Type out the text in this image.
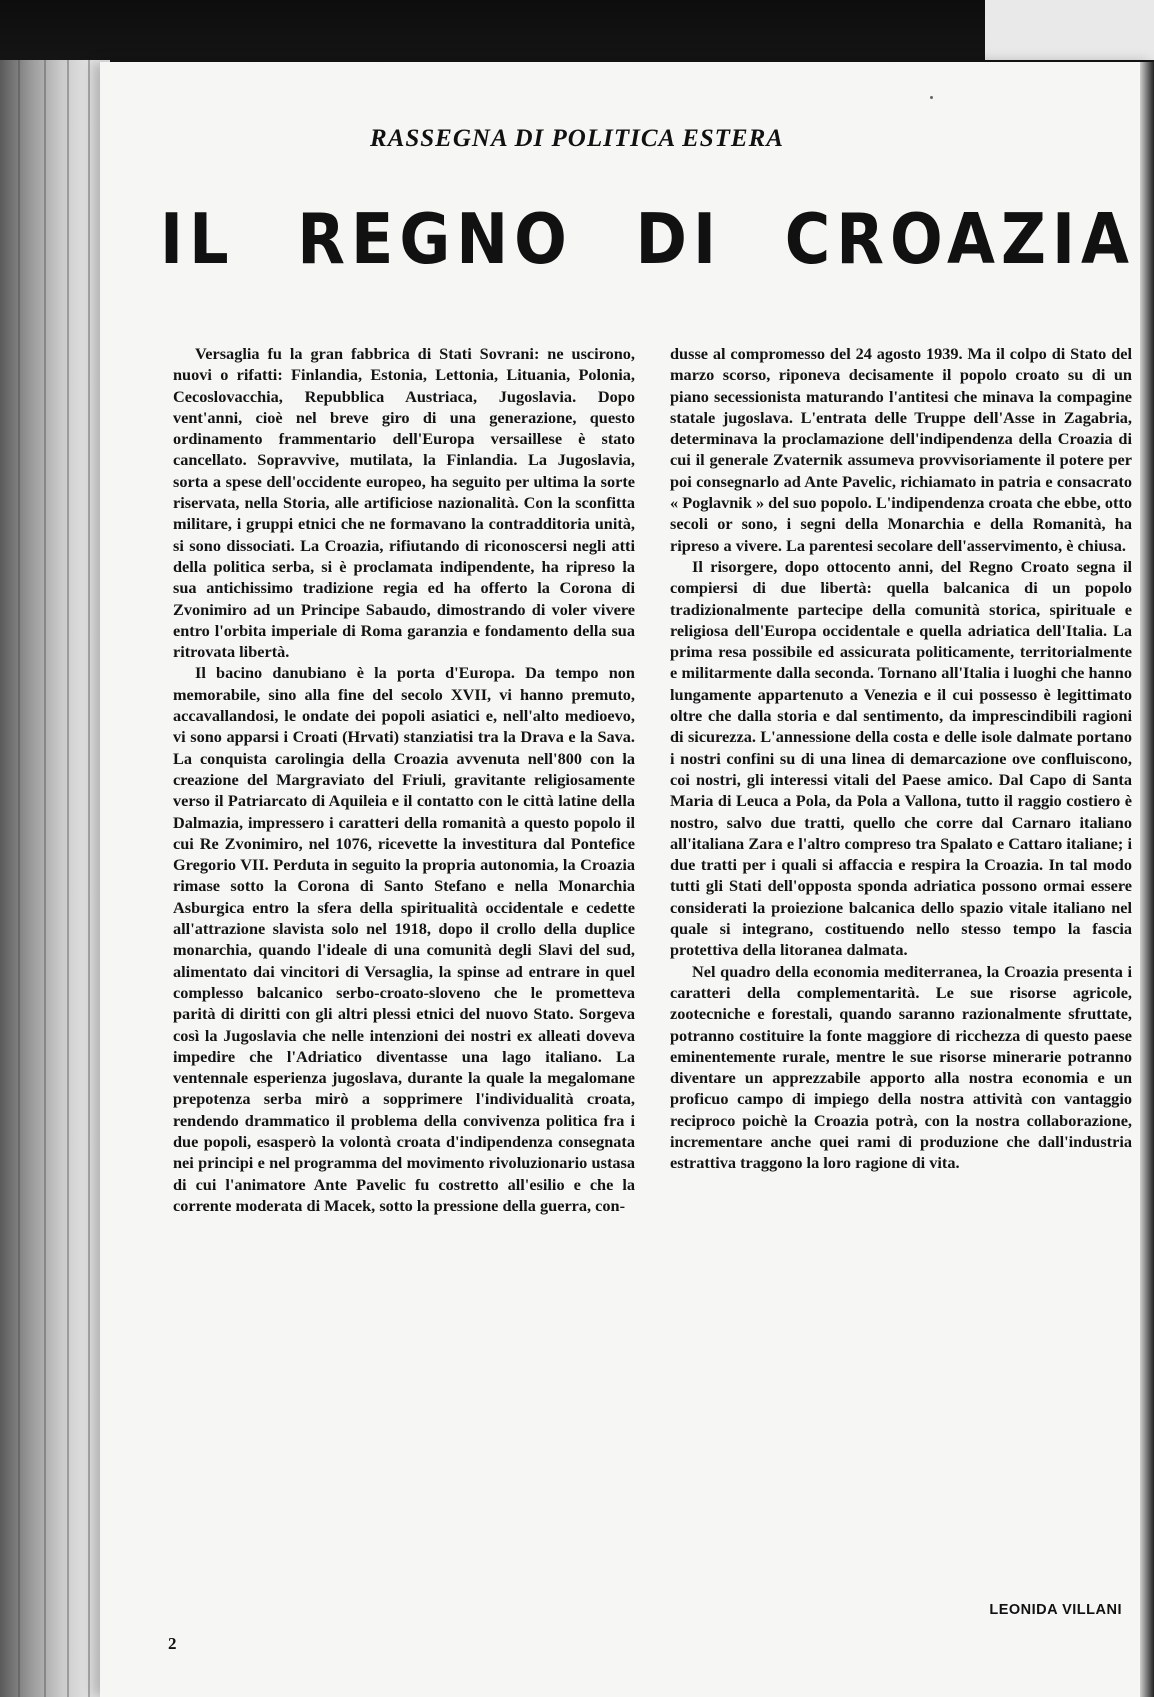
RASSEGNA DI POLITICA ESTERA
IL REGNO DI CROAZIA

Versaglia fu la gran fabbrica di Stati Sovrani: ne uscirono, nuovi o rifatti: Finlandia, Estonia, Lettonia, Lituania, Polonia, Cecoslovacchia, Repubblica Austriaca, Jugoslavia. Dopo vent'anni, cioè nel breve giro di una generazione, questo ordinamento frammentario dell'Europa versaillese è stato cancellato. Sopravvive, mutilata, la Finlandia. La Jugoslavia, sorta a spese dell'occidente europeo, ha seguito per ultima la sorte riservata, nella Storia, alle artificiose nazionalità. Con la sconfitta militare, i gruppi etnici che ne formavano la contradditoria unità, si sono dissociati. La Croazia, rifiutando di riconoscersi negli atti della politica serba, si è proclamata indipendente, ha ripreso la sua antichissimo tradizione regia ed ha offerto la Corona di Zvonimiro ad un Principe Sabaudo, dimostrando di voler vivere entro l'orbita imperiale di Roma garanzia e fondamento della sua ritrovata libertà.

Il bacino danubiano è la porta d'Europa. Da tempo non memorabile, sino alla fine del secolo XVII, vi hanno premuto, accavallandosi, le ondate dei popoli asiatici e, nell'alto medioevo, vi sono apparsi i Croati (Hrvati) stanziatisi tra la Drava e la Sava. La conquista carolingia della Croazia avvenuta nell'800 con la creazione del Margraviato del Friuli, gravitante religiosamente verso il Patriarcato di Aquileia e il contatto con le città latine della Dalmazia, impressero i caratteri della romanità a questo popolo il cui Re Zvonimiro, nel 1076, ricevette la investitura dal Pontefice Gregorio VII. Perduta in seguito la propria autonomia, la Croazia rimase sotto la Corona di Santo Stefano e nella Monarchia Asburgica entro la sfera della spiritualità occidentale e cedette all'attrazione slavista solo nel 1918, dopo il crollo della duplice monarchia, quando l'ideale di una comunità degli Slavi del sud, alimentato dai vincitori di Versaglia, la spinse ad entrare in quel complesso balcanico serbo-croato-sloveno che le prometteva parità di diritti con gli altri plessi etnici del nuovo Stato. Sorgeva così la Jugoslavia che nelle intenzioni dei nostri ex alleati doveva impedire che l'Adriatico diventasse una lago italiano. La ventennale esperienza jugoslava, durante la quale la megalomane prepotenza serba mirò a sopprimere l'individualità croata, rendendo drammatico il problema della convivenza politica fra i due popoli, esasperò la volontà croata d'indipendenza consegnata nei principi e nel programma del movimento rivoluzionario ustasa di cui l'animatore Ante Pavelic fu costretto all'esilio e che la corrente moderata di Macek, sotto la pressione della guerra, con-

dusse al compromesso del 24 agosto 1939. Ma il colpo di Stato del marzo scorso, riponeva decisamente il popolo croato su di un piano secessionista maturando l'antitesi che minava la compagine statale jugoslava. L'entrata delle Truppe dell'Asse in Zagabria, determinava la proclamazione dell'indipendenza della Croazia di cui il generale Zvaternik assumeva provvisoriamente il potere per poi consegnarlo ad Ante Pavelic, richiamato in patria e consacrato « Poglavnik » del suo popolo. L'indipendenza croata che ebbe, otto secoli or sono, i segni della Monarchia e della Romanità, ha ripreso a vivere. La parentesi secolare dell'asservimento, è chiusa.

Il risorgere, dopo ottocento anni, del Regno Croato segna il compiersi di due libertà: quella balcanica di un popolo tradizionalmente partecipe della comunità storica, spirituale e religiosa dell'Europa occidentale e quella adriatica dell'Italia. La prima resa possibile ed assicurata politicamente, territorialmente e militarmente dalla seconda. Tornano all'Italia i luoghi che hanno lungamente appartenuto a Venezia e il cui possesso è legittimato oltre che dalla storia e dal sentimento, da imprescindibili ragioni di sicurezza. L'annessione della costa e delle isole dalmate portano i nostri confini su di una linea di demarcazione ove confluiscono, coi nostri, gli interessi vitali del Paese amico. Dal Capo di Santa Maria di Leuca a Pola, da Pola a Vallona, tutto il raggio costiero è nostro, salvo due tratti, quello che corre dal Carnaro italiano all'italiana Zara e l'altro compreso tra Spalato e Cattaro italiane; i due tratti per i quali si affaccia e respira la Croazia. In tal modo tutti gli Stati dell'opposta sponda adriatica possono ormai essere considerati la proiezione balcanica dello spazio vitale italiano nel quale si integrano, costituendo nello stesso tempo la fascia protettiva della litoranea dalmata.

Nel quadro della economia mediterranea, la Croazia presenta i caratteri della complementarità. Le sue risorse agricole, zootecniche e forestali, quando saranno razionalmente sfruttate, potranno costituire la fonte maggiore di ricchezza di questo paese eminentemente rurale, mentre le sue risorse minerarie potranno diventare un apprezzabile apporto alla nostra economia e un proficuo campo di impiego della nostra attività con vantaggio reciproco poichè la Croazia potrà, con la nostra collaborazione, incrementare anche quei rami di produzione che dall'industria estrattiva traggono la loro ragione di vita.

LEONIDA VILLANI
2
